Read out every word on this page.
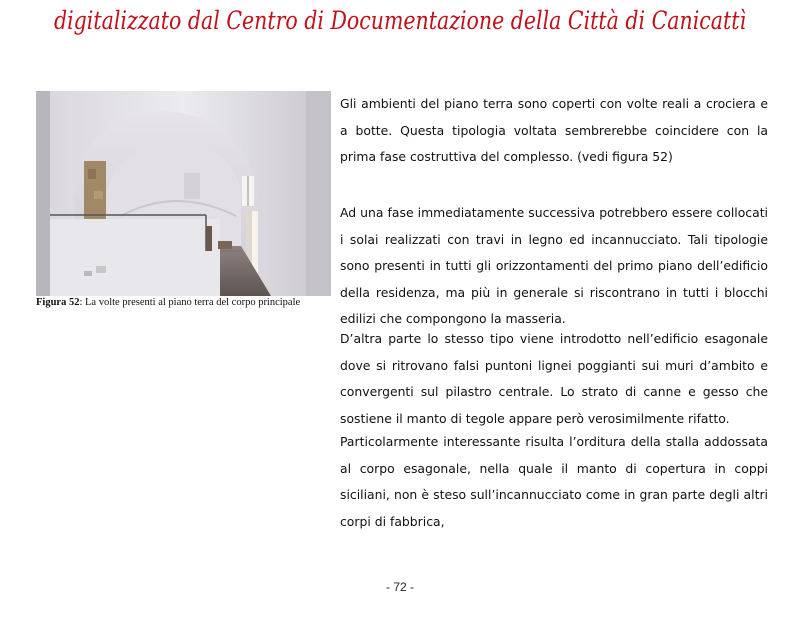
digitalizzato dal Centro di Documentazione della Città di Canicattì
Figura 52: La volte presenti al piano terra del corpo principale

Gli ambienti del piano terra sono coperti con volte reali a crociera e a botte. Questa tipologia voltata sembrerebbe coincidere con la prima fase costruttiva del complesso. (vedi figura 52)

Ad una fase immediatamente successiva potrebbero essere collocati i solai realizzati con travi in legno ed incannucciato. Tali tipologie sono presenti in tutti gli orizzontamenti del primo piano dell’edificio della residenza, ma più in generale si riscontrano in tutti i blocchi edilizi che compongono la masseria.

D’altra parte lo stesso tipo viene introdotto nell’edificio esagonale dove si ritrovano falsi puntoni lignei poggianti sui muri d’ambito e convergenti sul pilastro centrale. Lo strato di canne e gesso che sostiene il manto di tegole appare però verosimilmente rifatto.

Particolarmente interessante risulta l’orditura della stalla addossata al corpo esagonale, nella quale il manto di copertura in coppi siciliani, non è steso sull’incannucciato come in gran parte degli altri corpi di fabbrica,

- 72 -
